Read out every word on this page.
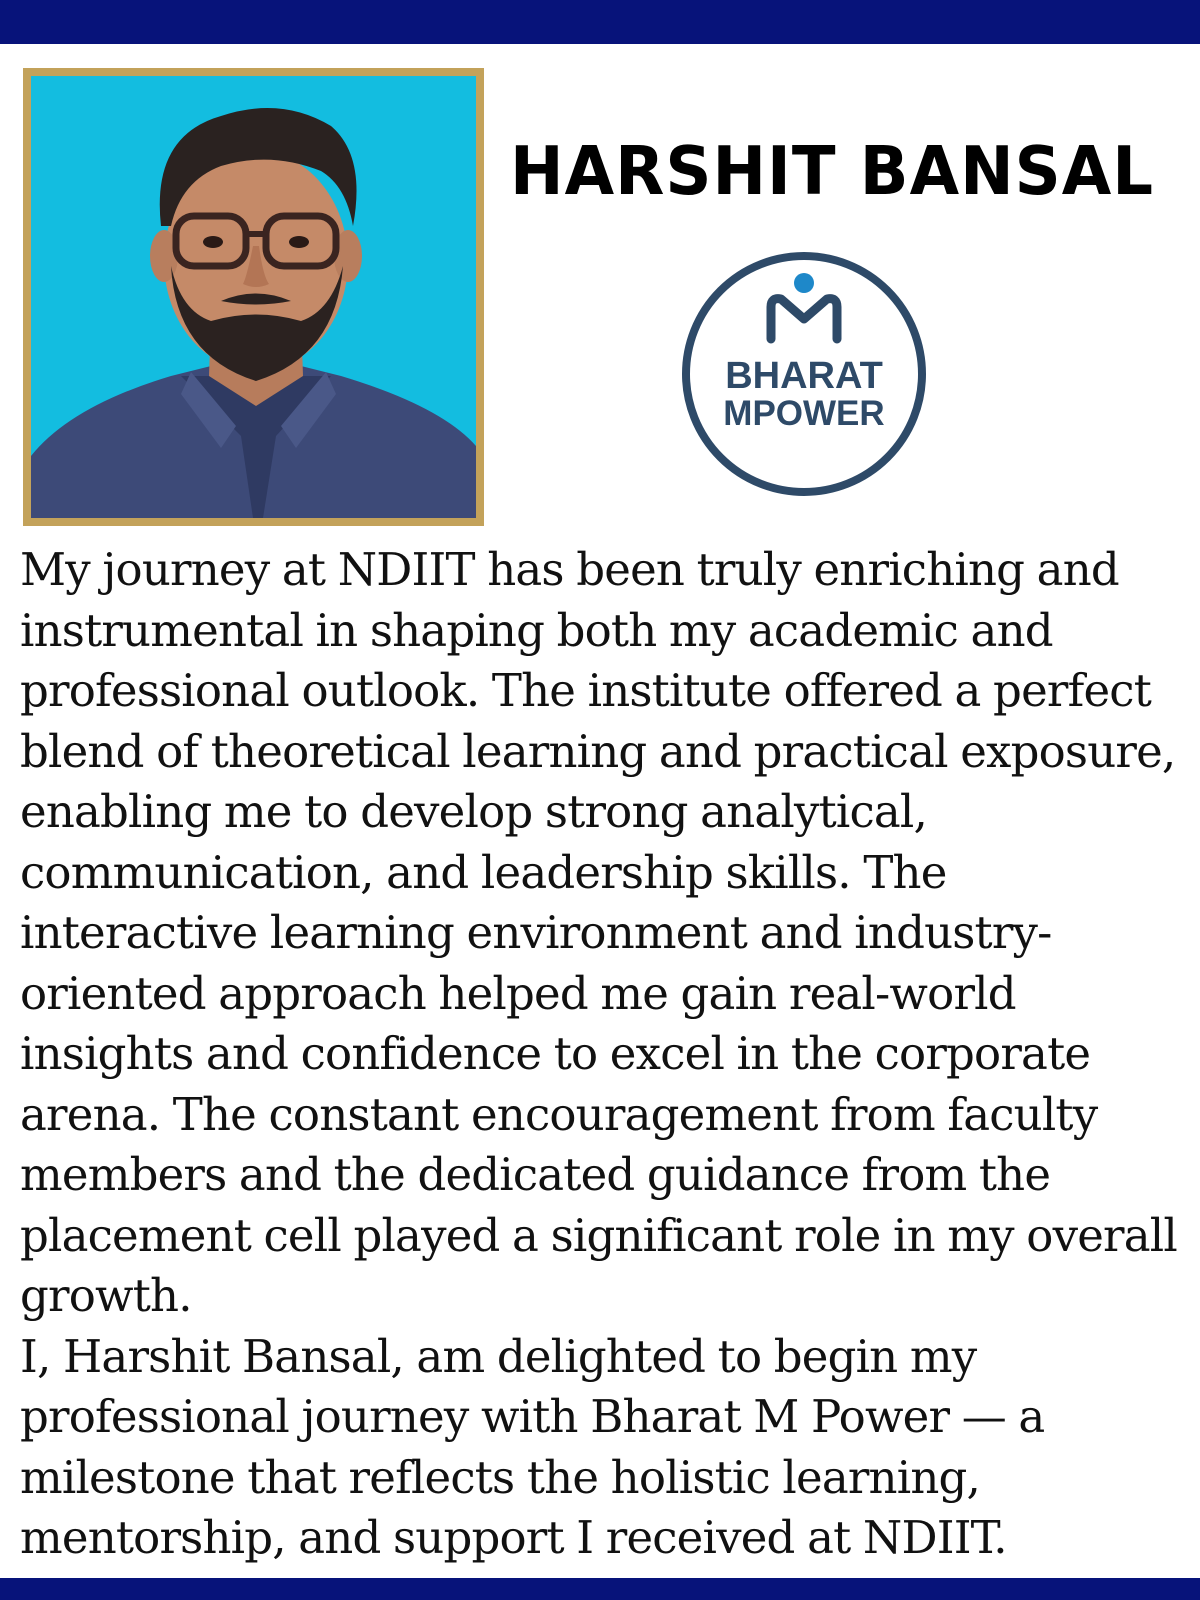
HARSHIT BANSAL
BHARAT
MPOWER
My journey at NDIIT has been truly enriching and instrumental in shaping both my academic and professional outlook. The institute offered a perfect blend of theoretical learning and practical exposure, enabling me to develop strong analytical, communication, and leadership skills. The interactive learning environment and industry-oriented approach helped me gain real-world insights and confidence to excel in the corporate arena. The constant encouragement from faculty members and the dedicated guidance from the placement cell played a significant role in my overall growth.
I, Harshit Bansal, am delighted to begin my professional journey with Bharat M Power — a milestone that reflects the holistic learning, mentorship, and support I received at NDIIT.
